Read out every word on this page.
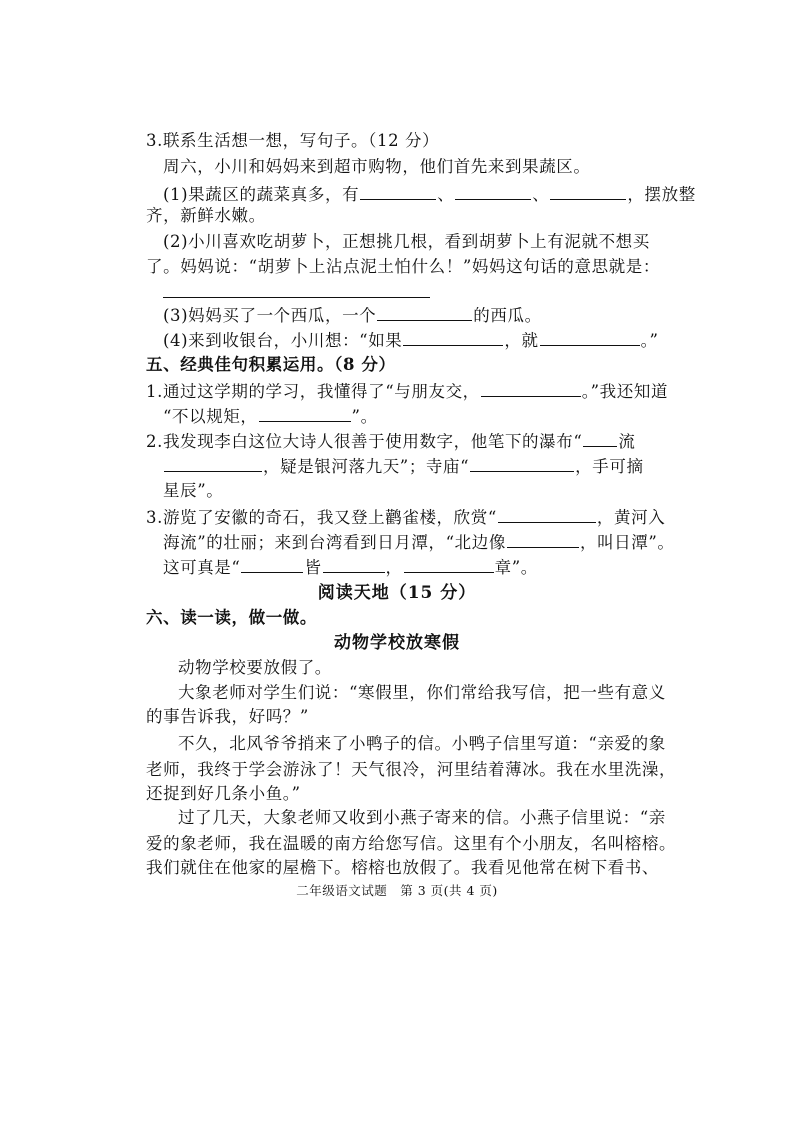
3.联系生活想一想，写句子。（12 分）
周六，小川和妈妈来到超市购物，他们首先来到果蔬区。
(1)果蔬区的蔬菜真多，有	、	、	，摆放整
齐，新鲜水嫩。
(2)小川喜欢吃胡萝卜，正想挑几根，看到胡萝卜上有泥就不想买
了。妈妈说：“胡萝卜上沾点泥土怕什么！”妈妈这句话的意思就是：
(3)妈妈买了一个西瓜，一个	的西瓜。
(4)来到收银台，小川想：“如果	，就	。”
五、经典佳句积累运用。（8 分）
1.通过这学期的学习，我懂得了“与朋友交，	。”我还知道
“不以规矩，	”。
2.我发现李白这位大诗人很善于使用数字，他笔下的瀑布“ 流
，疑是银河落九天”；寺庙“	，手可摘
星辰”。
3.游览了安徽的奇石，我又登上鹳雀楼，欣赏“	，黄河入
海流”的壮丽；来到台湾看到日月潭，“北边像	，叫日潭”。
这可真是“	皆	，	章”。
阅读天地（15 分）
六、读一读，做一做。
动物学校放寒假
动物学校要放假了。
大象老师对学生们说：“寒假里，你们常给我写信，把一些有意义
的事告诉我，好吗？”
不久，北风爷爷捎来了小鸭子的信。小鸭子信里写道：“亲爱的象
老师，我终于学会游泳了！天气很冷，河里结着薄冰。我在水里洗澡，
还捉到好几条小鱼。”
过了几天，大象老师又收到小燕子寄来的信。小燕子信里说：“亲
爱的象老师，我在温暖的南方给您写信。这里有个小朋友，名叫榕榕。
我们就住在他家的屋檐下。榕榕也放假了。我看见他常在树下看书、
二年级语文试题　第 3 页(共 4 页)
